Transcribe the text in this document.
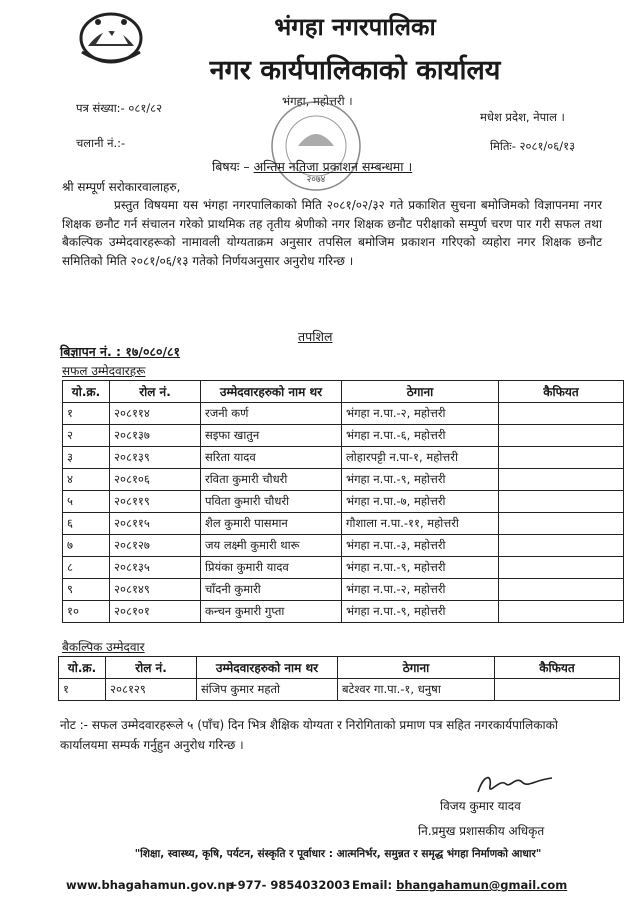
भंगहा नगरपालिका
नगर कार्यपालिकाको कार्यालय
पत्र संख्या:- ०८१/८२	भंगहा, महोत्तरी ।
मधेश प्रदेश, नेपाल ।
चलानी नं.:-	मितिः- २०८१/०६/१३
२०७४
बिषयः – अन्तिम नतिजा प्रकाशन सम्बन्धमा ।
श्री सम्पूर्ण सरोकारवालाहरु,
प्रस्तुत विषयमा यस भंगहा नगरपालिकाको मिति २०८१/०२/३२ गते प्रकाशित सुचना बमोजिमको विज्ञापनमा नगर शिक्षक छनौट गर्न संचालन गरेको प्राथमिक तह तृतीय श्रेणीको नगर शिक्षक छनौट परीक्षाको सम्पुर्ण चरण पार गरी सफल तथा बैकल्पिक उम्मेदवारहरूको नामावली योग्यताक्रम अनुसार तपसिल बमोजिम प्रकाशन गरिएको व्यहोरा नगर शिक्षक छनौट समितिको मिति २०८१/०६/१३ गतेको निर्णयअनुसार अनुरोध गरिन्छ ।
तपशिल
बिज्ञापन नं. : १७/०८०/८१
सफल उम्मेदवारहरू
यो.क्र.	रोल नं.	उम्मेदवारहरुको नाम थर	ठेगाना	कैफियत
१	२०८११४	रजनी कर्ण	भंगहा न.पा.-२, महोत्तरी	
२	२०८१३७	सइफा खातुन	भंगहा न.पा.-६, महोत्तरी	
३	२०८१३९	सरिता यादव	लोहारपट्टी न.पा-१, महोत्तरी	
४	२०८१०६	रविता कुमारी चौधरी	भंगहा न.पा.-९, महोत्तरी	
५	२०८११९	पविता कुमारी चौधरी	भंगहा न.पा.-७, महोत्तरी	
६	२०८११५	शैल कुमारी पासमान	गौशाला न.पा.-११, महोत्तरी	
७	२०८१२७	जय लक्ष्मी कुमारी थारू	भंगहा न.पा.-३, महोत्तरी	
८	२०८१३५	प्रियंका कुमारी यादव	भंगहा न.पा.-९, महोत्तरी	
९	२०८१४९	चाँदनी कुमारी	भंगहा न.पा.-२, महोत्तरी	
१०	२०८१०१	कन्चन कुमारी गुप्ता	भंगहा न.पा.-९, महोत्तरी	
बैकल्पिक उम्मेदवार
यो.क्र.	रोल नं.	उम्मेदवारहरुको नाम थर	ठेगाना	कैफियत
१	२०८१२९	संजिप कुमार महतो	बटेश्वर गा.पा.-१, धनुषा	
नोट :- सफल उम्मेदवारहरूले ५ (पाँच) दिन भित्र शैक्षिक योग्यता र निरोगिताको प्रमाण पत्र सहित नगरकार्यपालिकाको कार्यालयमा सम्पर्क गर्नुहुन अनुरोध गरिन्छ ।
विजय कुमार यादव
नि.प्रमुख प्रशासकीय अधिकृत
"शिक्षा, स्वास्थ्य, कृषि, पर्यटन, संस्कृति र पूर्वाधार : आत्मनिर्भर, समुन्नत र समृद्ध भंगहा निर्माणको आधार"
www.bhagahamun.gov.np
+977- 9854032003 Email: bhangahamun@gmail.com
